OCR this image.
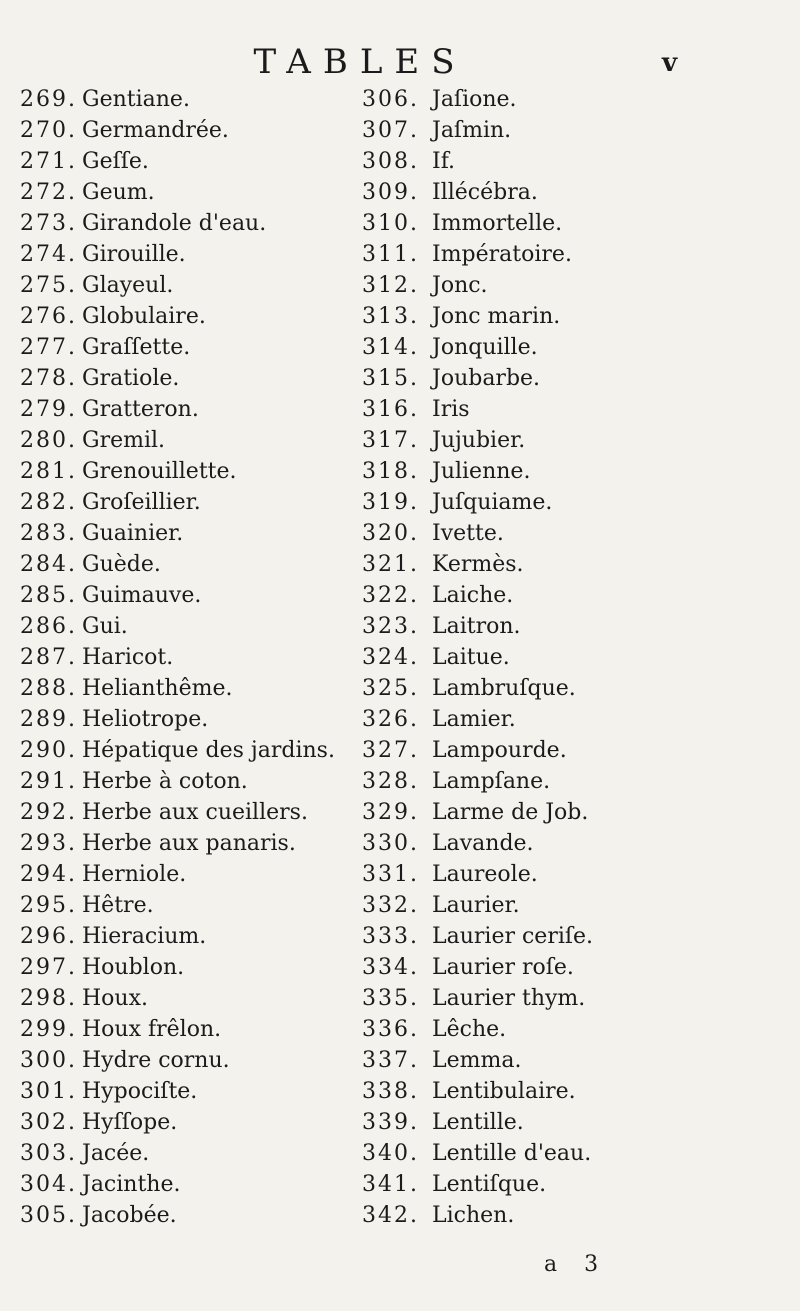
TABLES	v
269. Gentiane.
270. Germandrée.
271. Geſſe.
272. Geum.
273. Girandole d'eau.
274. Girouille.
275. Glayeul.
276. Globulaire.
277. Graſſette.
278. Gratiole.
279. Gratteron.
280. Gremil.
281. Grenouillette.
282. Groſeillier.
283. Guainier.
284. Guède.
285. Guimauve.
286. Gui.
287. Haricot.
288. Helianthême.
289. Heliotrope.
290. Hépatique des jardins.
291. Herbe à coton.
292. Herbe aux cueillers.
293. Herbe aux panaris.
294. Herniole.
295. Hêtre.
296. Hieracium.
297. Houblon.
298. Houx.
299. Houx frêlon.
300. Hydre cornu.
301. Hypociſte.
302. Hyſſope.
303. Jacée.
304. Jacinthe.
305. Jacobée.
306. Jaſione.
307. Jaſmin.
308. If.
309. Illécébra.
310. Immortelle.
311. Impératoire.
312. Jonc.
313. Jonc marin.
314. Jonquille.
315. Joubarbe.
316. Iris
317. Jujubier.
318. Julienne.
319. Juſquiame.
320. Ivette.
321. Kermès.
322. Laiche.
323. Laitron.
324. Laitue.
325. Lambruſque.
326. Lamier.
327. Lampourde.
328. Lampſane.
329. Larme de Job.
330. Lavande.
331. Laureole.
332. Laurier.
333. Laurier ceriſe.
334. Laurier roſe.
335. Laurier thym.
336. Lêche.
337. Lemma.
338. Lentibulaire.
339. Lentille.
340. Lentille d'eau.
341. Lentiſque.
342. Lichen.
a 3
